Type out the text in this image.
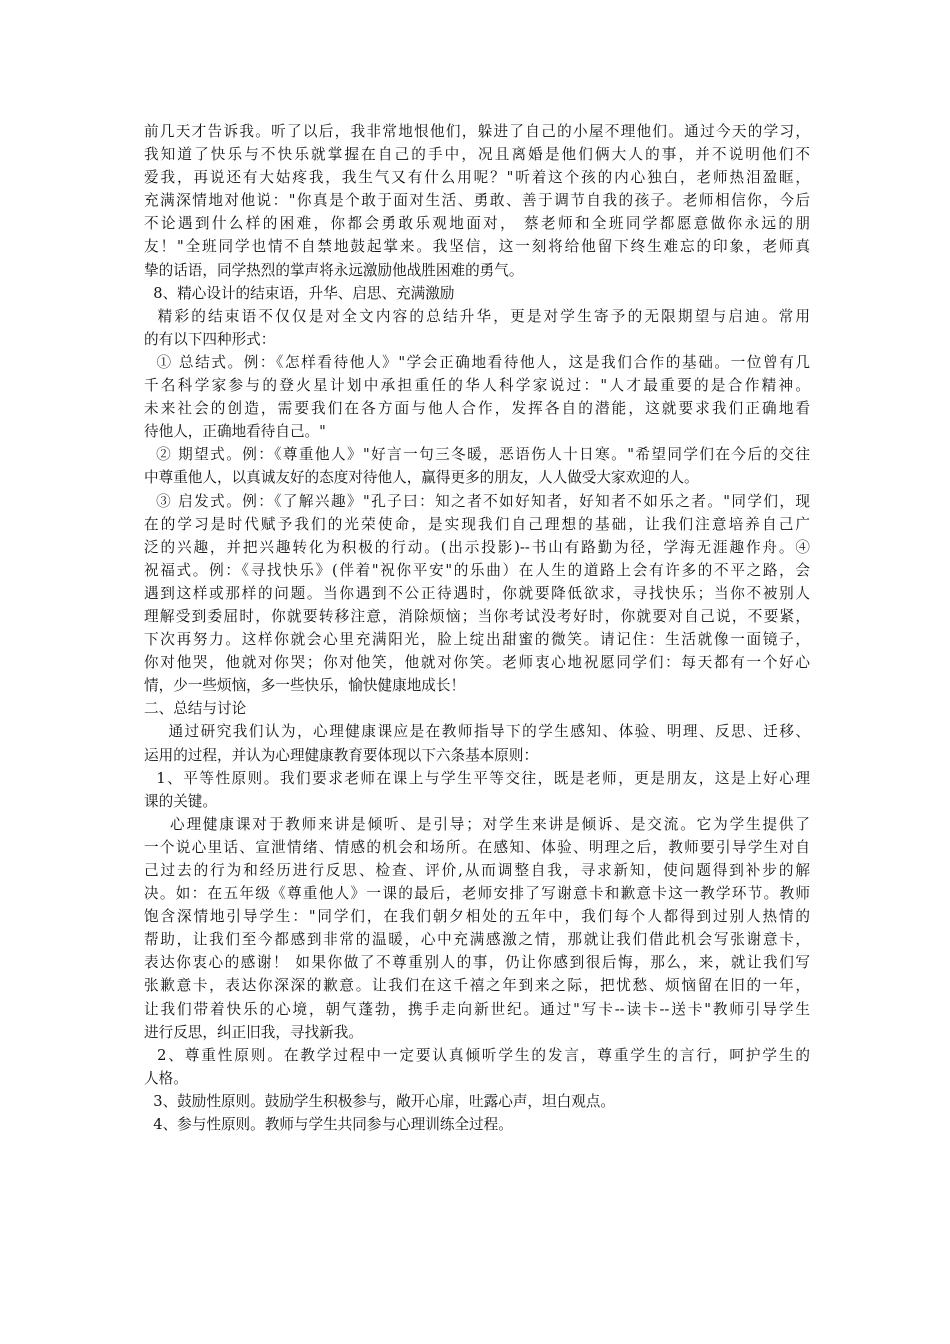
前几天才告诉我。听了以后，我非常地恨他们，躲进了自己的小屋不理他们。通过今天的学习，
我知道了快乐与不快乐就掌握在自己的手中，况且离婚是他们俩大人的事，并不说明他们不
爱我，再说还有大姑疼我，我生气又有什么用呢？"听着这个孩的内心独白，老师热泪盈眶，
充满深情地对他说："你真是个敢于面对生活、勇敢、善于调节自我的孩子。老师相信你，今后
不论遇到什么样的困难，你都会勇敢乐观地面对， 蔡老师和全班同学都愿意做你永远的朋
友！"全班同学也情不自禁地鼓起掌来。我坚信，这一刻将给他留下终生难忘的印象，老师真
挚的话语，同学热烈的掌声将永远激励他战胜困难的勇气。
8、精心设计的结束语，升华、启思、充满激励
精彩的结束语不仅仅是对全文内容的总结升华，更是对学生寄予的无限期望与启迪。常用
的有以下四种形式：
① 总结式。例：《怎样看待他人》"学会正确地看待他人，这是我们合作的基础。一位曾有几
千名科学家参与的登火星计划中承担重任的华人科学家说过："人才最重要的是合作精神。
未来社会的创造，需要我们在各方面与他人合作，发挥各自的潜能，这就要求我们正确地看
待他人，正确地看待自己。"
② 期望式。例：《尊重他人》"好言一句三冬暖，恶语伤人十日寒。"希望同学们在今后的交往
中尊重他人，以真诚友好的态度对待他人，赢得更多的朋友，人人做受大家欢迎的人。
③ 启发式。例：《了解兴趣》"孔子曰：知之者不如好知者，好知者不如乐之者。"同学们，现
在的学习是时代赋予我们的光荣使命，是实现我们自己理想的基础，让我们注意培养自己广
泛的兴趣，并把兴趣转化为积极的行动。(出示投影)--书山有路勤为径，学海无涯趣作舟。④
祝福式。例：《寻找快乐》(伴着"祝你平安"的乐曲）在人生的道路上会有许多的不平之路，会
遇到这样或那样的问题。当你遇到不公正待遇时，你就要降低欲求，寻找快乐；当你不被别人
理解受到委屈时，你就要转移注意，消除烦恼；当你考试没考好时，你就要对自己说，不要紧，
下次再努力。这样你就会心里充满阳光，脸上绽出甜蜜的微笑。请记住：生活就像一面镜子，
你对他哭，他就对你哭；你对他笑，他就对你笑。老师衷心地祝愿同学们：每天都有一个好心
情，少一些烦恼，多一些快乐，愉快健康地成长！
二、总结与讨论
通过研究我们认为，心理健康课应是在教师指导下的学生感知、体验、明理、反思、迁移、
运用的过程，并认为心理健康教育要体现以下六条基本原则：
1、平等性原则。我们要求老师在课上与学生平等交往，既是老师，更是朋友，这是上好心理
课的关键。
心理健康课对于教师来讲是倾听、是引导；对学生来讲是倾诉、是交流。它为学生提供了
一个说心里话、宣泄情绪、情感的机会和场所。在感知、体验、明理之后，教师要引导学生对自
己过去的行为和经历进行反思、检查、评价,从而调整自我，寻求新知，使问题得到补步的解
决。如：在五年级《尊重他人》一课的最后，老师安排了写谢意卡和歉意卡这一教学环节。教师
饱含深情地引导学生："同学们，在我们朝夕相处的五年中，我们每个人都得到过别人热情的
帮助，让我们至今都感到非常的温暖，心中充满感激之情，那就让我们借此机会写张谢意卡，
表达你衷心的感谢！ 如果你做了不尊重别人的事，仍让你感到很后悔，那么，来，就让我们写
张歉意卡，表达你深深的歉意。让我们在这千禧之年到来之际，把忧愁、烦恼留在旧的一年，
让我们带着快乐的心境，朝气蓬勃，携手走向新世纪。通过"写卡--读卡--送卡"教师引导学生
进行反思，纠正旧我，寻找新我。
2、尊重性原则。在教学过程中一定要认真倾听学生的发言，尊重学生的言行，呵护学生的
人格。
3、鼓励性原则。鼓励学生积极参与，敞开心扉，吐露心声，坦白观点。
4、参与性原则。教师与学生共同参与心理训练全过程。
